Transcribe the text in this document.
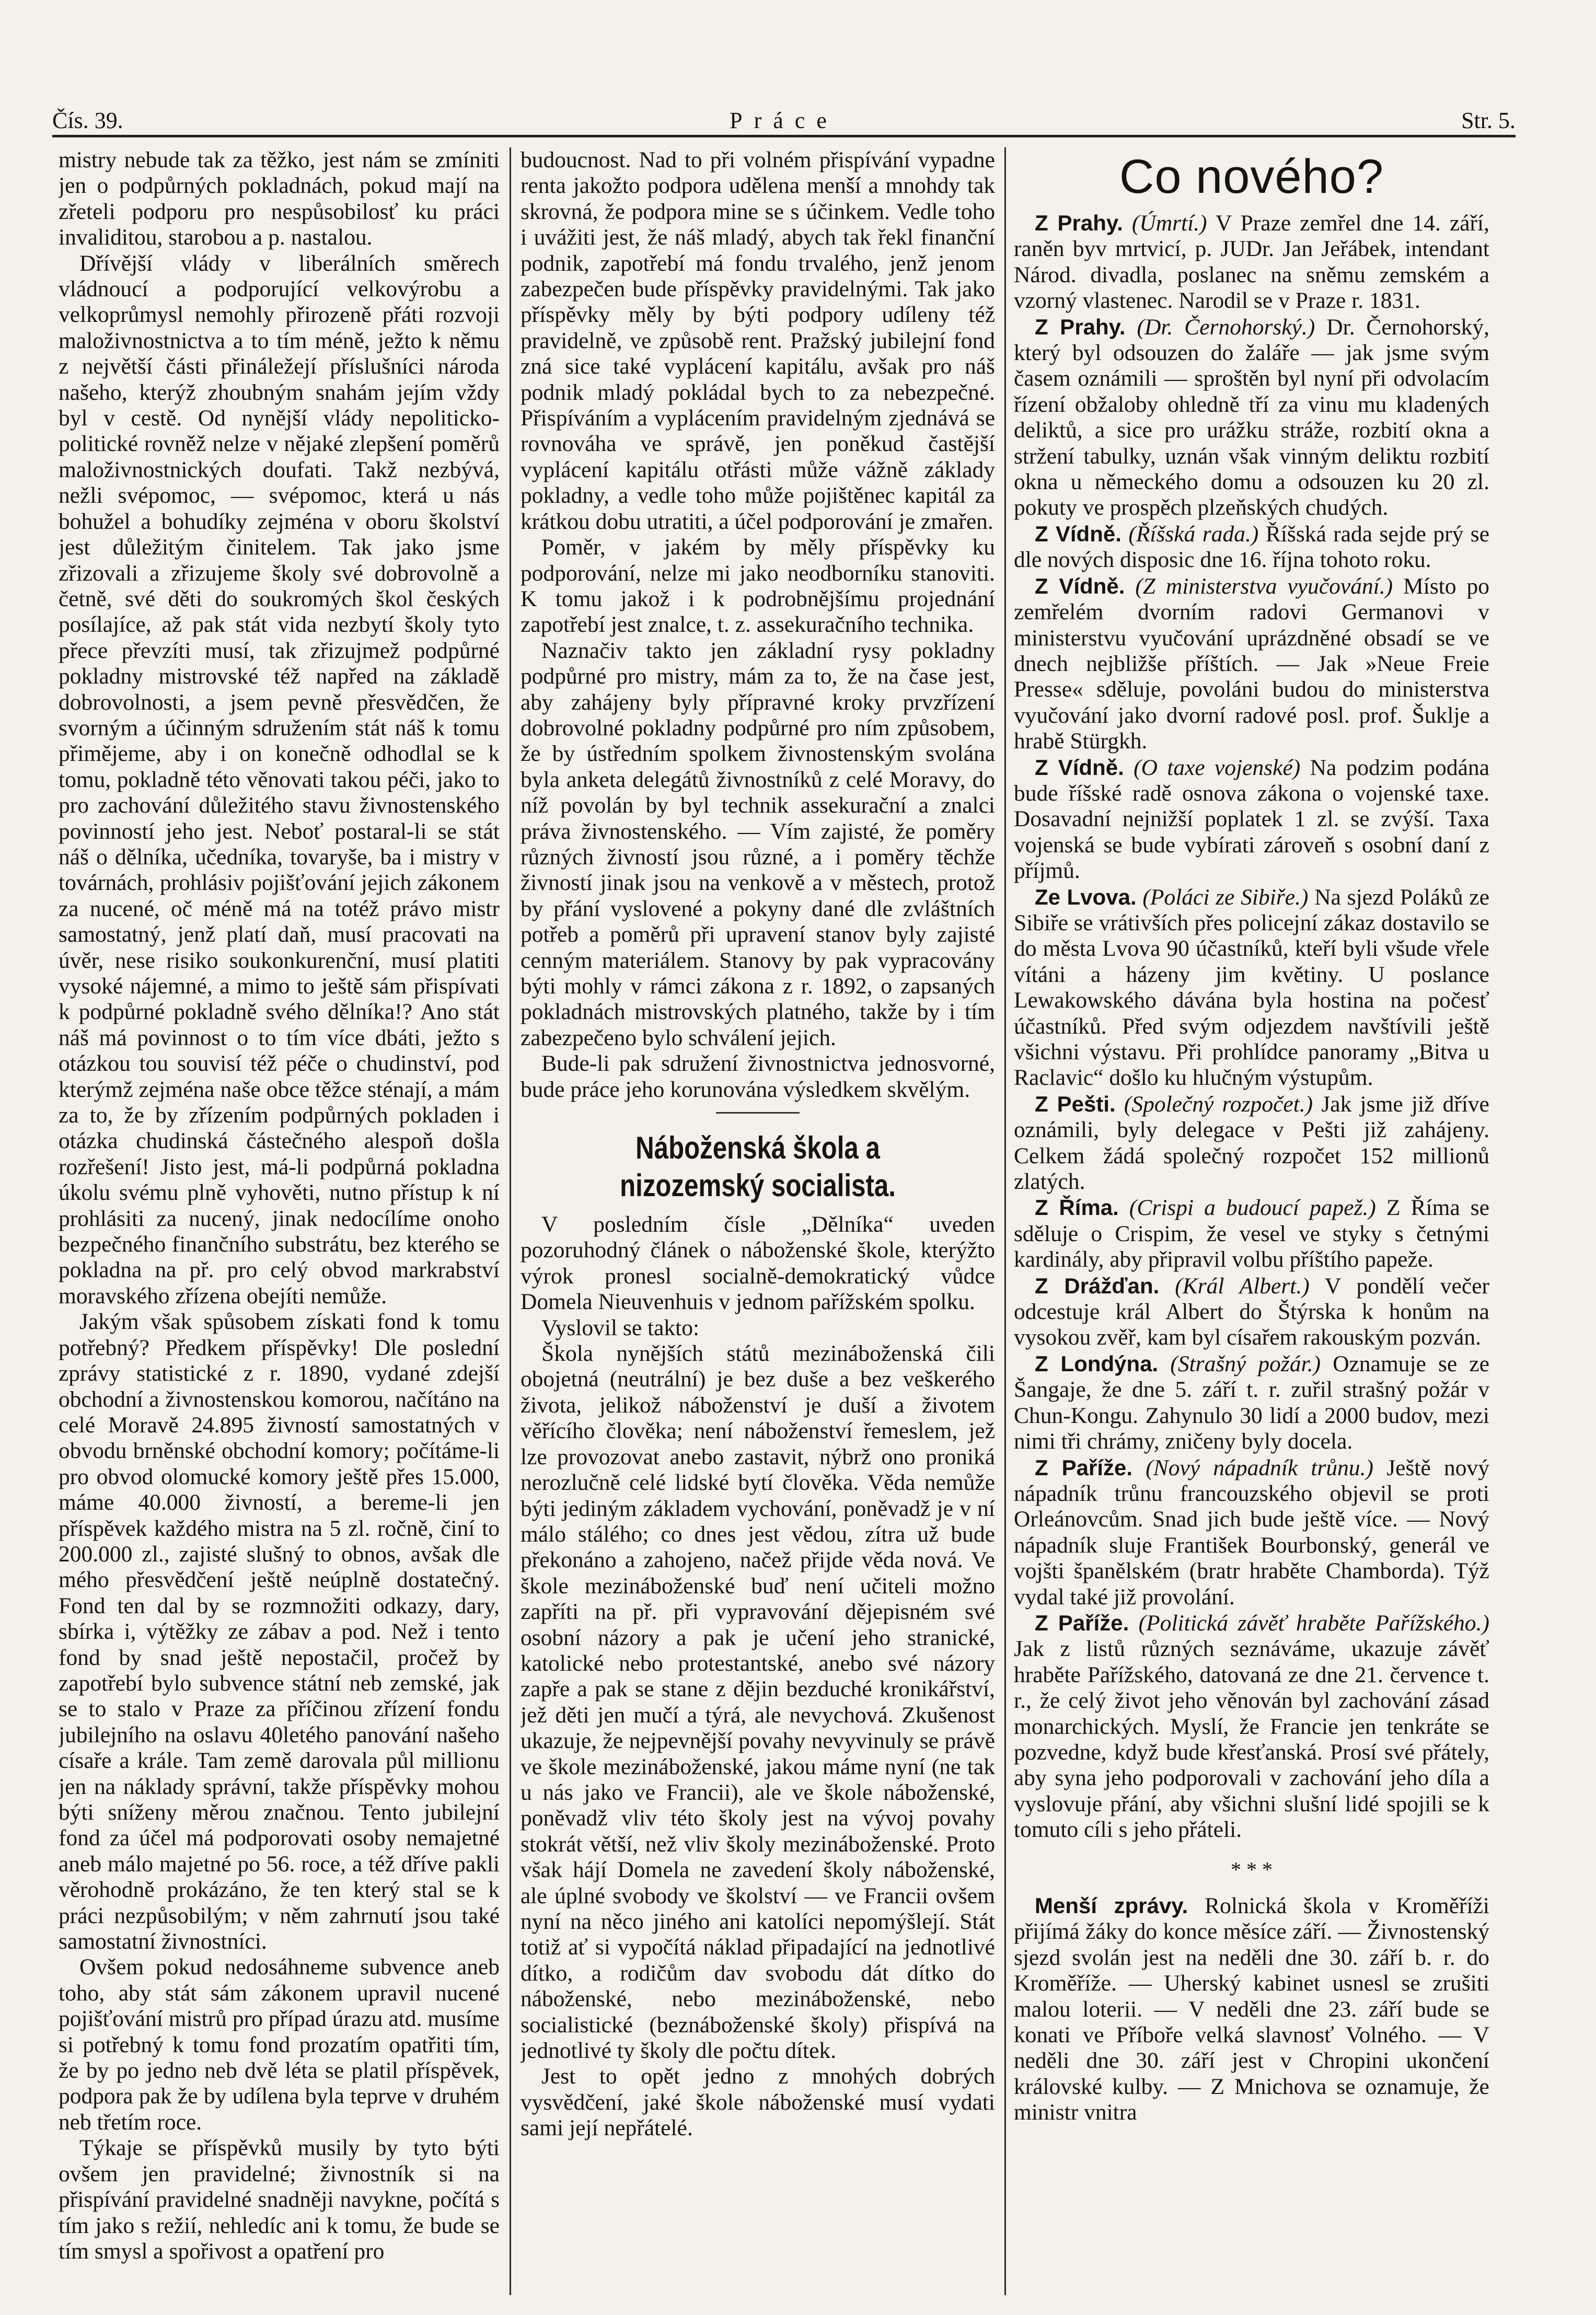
Čís. 39.	Práce	Str. 5.

mistry nebude tak za těžko, jest nám se zmíniti jen o podpůrných pokladnách, pokud mají na zřeteli podporu pro nespůsobilosť ku práci invaliditou, starobou a p. nastalou.

Dřívější vlády v liberálních směrech vládnoucí a podporující velkovýrobu a velkoprůmysl nemohly přirozeně přáti rozvoji maloživnostnictva a to tím méně, ježto k němu z největší části přináležejí příslušníci národa našeho, kterýž zhoubným snahám jejím vždy byl v cestě. Od nynější vlády nepoliticko-politické rovněž nelze v nějaké zlepšení poměrů maloživnostnických doufati. Takž nezbývá, nežli svépomoc, — svépomoc, která u nás bohužel a bohudíky zejména v oboru školství jest důležitým činitelem. Tak jako jsme zřizovali a zřizujeme školy své dobrovolně a četně, své děti do soukromých škol českých posílajíce, až pak stát vida nezbytí školy tyto přece převzíti musí, tak zřizujmež podpůrné pokladny mistrovské též napřed na základě dobrovolnosti, a jsem pevně přesvědčen, že svorným a účinným sdružením stát náš k tomu přimějeme, aby i on konečně odhodlal se k tomu, pokladně této věnovati takou péči, jako to pro zachování důležitého stavu živnostenského povinností jeho jest. Neboť postaral-li se stát náš o dělníka, učedníka, tovaryše, ba i mistry v továrnách, prohlásiv pojišťování jejich zákonem za nucené, oč méně má na totéž právo mistr samostatný, jenž platí daň, musí pracovati na úvěr, nese risiko soukonkurenční, musí platiti vysoké nájemné, a mimo to ještě sám přispívati k podpůrné pokladně svého dělníka!? Ano stát náš má povinnost o to tím více dbáti, ježto s otázkou tou souvisí též péče o chudinství, pod kterýmž zejména naše obce těžce sténají, a mám za to, že by zřízením podpůrných pokladen i otázka chudinská částečného alespoň došla rozřešení! Jisto jest, má-li podpůrná pokladna úkolu svému plně vyhověti, nutno přístup k ní prohlásiti za nucený, jinak nedocílíme onoho bezpečného finančního substrátu, bez kterého se pokladna na př. pro celý obvod markrabství moravského zřízena obejíti nemůže.

Jakým však spůsobem získati fond k tomu potřebný? Předkem příspěvky! Dle poslední zprávy statistické z r. 1890, vydané zdejší obchodní a živnostenskou komorou, načítáno na celé Moravě 24.895 živností samostatných v obvodu brněnské obchodní komory; počítáme-li pro obvod olomucké komory ještě přes 15.000, máme 40.000 živností, a bereme-li jen příspěvek každého mistra na 5 zl. ročně, činí to 200.000 zl., zajisté slušný to obnos, avšak dle mého přesvědčení ještě neúplně dostatečný. Fond ten dal by se rozmnožiti odkazy, dary, sbírka i, výtěžky ze zábav a pod. Než i tento fond by snad ještě nepostačil, pročež by zapotřebí bylo subvence státní neb zemské, jak se to stalo v Praze za příčinou zřízení fondu jubilejního na oslavu 40letého panování našeho císaře a krále. Tam země darovala půl millionu jen na náklady správní, takže příspěvky mohou býti sníženy měrou značnou. Tento jubilejní fond za účel má podporovati osoby nemajetné aneb málo majetné po 56. roce, a též dříve pakli věrohodně prokázáno, že ten který stal se k práci nezpůsobilým; v něm zahrnutí jsou také samostatní živnostníci.

Ovšem pokud nedosáhneme subvence aneb toho, aby stát sám zákonem upravil nucené pojišťování mistrů pro případ úrazu atd. musíme si potřebný k tomu fond prozatím opatřiti tím, že by po jedno neb dvě léta se platil příspěvek, podpora pak že by udílena byla teprve v druhém neb třetím roce.

Týkaje se příspěvků musily by tyto býti ovšem jen pravidelné; živnostník si na přispívání pravidelné snadněji navykne, počítá s tím jako s režií, nehledíc ani k tomu, že bude se tím smysl a spořivost a opatření pro

budoucnost. Nad to při volném přispívání vypadne renta jakožto podpora udělena menší a mnohdy tak skrovná, že podpora mine se s účinkem. Vedle toho i uvážiti jest, že náš mladý, abych tak řekl finanční podnik, zapotřebí má fondu trvalého, jenž jenom zabezpečen bude příspěvky pravidelnými. Tak jako příspěvky měly by býti podpory udíleny též pravidelně, ve způsobě rent. Pražský jubilejní fond zná sice také vyplácení kapitálu, avšak pro náš podnik mladý pokládal bych to za nebezpečné. Přispíváním a vyplácením pravidelným zjednává se rovnováha ve správě, jen poněkud častější vyplácení kapitálu otřásti může vážně základy pokladny, a vedle toho může pojištěnec kapitál za krátkou dobu utratiti, a účel podporování je zmařen.

Poměr, v jakém by měly příspěvky ku podporování, nelze mi jako neodborníku stanoviti. K tomu jakož i k podrobnějšímu projednání zapotřebí jest znalce, t. z. assekuračního technika.

Naznačiv takto jen základní rysy pokladny podpůrné pro mistry, mám za to, že na čase jest, aby zahájeny byly přípravné kroky prvzřízení dobrovolné pokladny podpůrné pro ním způsobem, že by ústředním spolkem živnostenským svolána byla anketa delegátů živnostníků z celé Moravy, do níž povolán by byl technik assekurační a znalci práva živnostenského. — Vím zajisté, že poměry různých živností jsou různé, a i poměry těchže živností jinak jsou na venkově a v městech, protož by přání vyslovené a pokyny dané dle zvláštních potřeb a poměrů při upravení stanov byly zajisté cenným materiálem. Stanovy by pak vypracovány býti mohly v rámci zákona z r. 1892, o zapsaných pokladnách mistrovských platného, takže by i tím zabezpečeno bylo schválení jejich.

Bude-li pak sdružení živnostnictva jednosvorné, bude práce jeho korunována výsledkem skvělým.

Náboženská škola a nizozemský socialista.

V posledním čísle „Dělníka“ uveden pozoruhodný článek o náboženské škole, kterýžto výrok pronesl socialně-demokratický vůdce Domela Nieuvenhuis v jednom pařížském spolku.

Vyslovil se takto:

Škola nynějších států mezináboženská čili obojetná (neutrální) je bez duše a bez veškerého života, jelikož náboženství je duší a životem věřícího člověka; není náboženství řemeslem, jež lze provozovat anebo zastavit, nýbrž ono proniká nerozlučně celé lidské bytí člověka. Věda nemůže býti jediným základem vychování, poněvadž je v ní málo stálého; co dnes jest vědou, zítra už bude překonáno a zahojeno, načež přijde věda nová. Ve škole mezináboženské buď není učiteli možno zapříti na př. při vypravování dějepisném své osobní názory a pak je učení jeho stranické, katolické nebo protestantské, anebo své názory zapře a pak se stane z dějin bezduché kronikářství, jež děti jen mučí a týrá, ale nevychová. Zkušenost ukazuje, že nejpevnější povahy nevyvinuly se právě ve škole mezináboženské, jakou máme nyní (ne tak u nás jako ve Francii), ale ve škole náboženské, poněvadž vliv této školy jest na vývoj povahy stokrát větší, než vliv školy mezináboženské. Proto však hájí Domela ne zavedení školy náboženské, ale úplné svobody ve školství — ve Francii ovšem nyní na něco jiného ani katolíci nepomýšlejí. Stát totiž ať si vypočítá náklad připadající na jednotlivé dítko, a rodičům dav svobodu dát dítko do náboženské, nebo mezináboženské, nebo socialistické (beznáboženské školy) přispívá na jednotlivé ty školy dle počtu dítek.

Jest to opět jedno z mnohých dobrých vysvědčení, jaké škole náboženské musí vydati sami její nepřátelé.

Co nového?

Z Prahy. (Úmrtí.) V Praze zemřel dne 14. září, raněn byv mrtvicí, p. JUDr. Jan Jeřábek, intendant Národ. divadla, poslanec na sněmu zemském a vzorný vlastenec. Narodil se v Praze r. 1831.

Z Prahy. (Dr. Černohorský.) Dr. Černohorský, který byl odsouzen do žaláře — jak jsme svým časem oznámili — sproštěn byl nyní při odvolacím řízení obžaloby ohledně tří za vinu mu kladených deliktů, a sice pro urážku stráže, rozbití okna a stržení tabulky, uznán však vinným deliktu rozbití okna u německého domu a odsouzen ku 20 zl. pokuty ve prospěch plzeňských chudých.

Z Vídně. (Říšská rada.) Říšská rada sejde prý se dle nových disposic dne 16. října tohoto roku.

Z Vídně. (Z ministerstva vyučování.) Místo po zemřelém dvorním radovi Germanovi v ministerstvu vyučování uprázdněné obsadí se ve dnech nejbližše příštích. — Jak »Neue Freie Presse« sděluje, povoláni budou do ministerstva vyučování jako dvorní radové posl. prof. Šuklje a hrabě Stürgkh.

Z Vídně. (O taxe vojenské) Na podzim podána bude říšské radě osnova zákona o vojenské taxe. Dosavadní nejnižší poplatek 1 zl. se zvýší. Taxa vojenská se bude vybírati zároveň s osobní daní z příjmů.

Ze Lvova. (Poláci ze Sibiře.) Na sjezd Poláků ze Sibiře se vrátivších přes policejní zákaz dostavilo se do města Lvova 90 účastníků, kteří byli všude vřele vítáni a házeny jim květiny. U poslance Lewakowského dávána byla hostina na počesť účastníků. Před svým odjezdem navštívili ještě všichni výstavu. Při prohlídce panoramy „Bitva u Raclavic“ došlo ku hlučným výstupům.

Z Pešti. (Společný rozpočet.) Jak jsme již dříve oznámili, byly delegace v Pešti již zahájeny. Celkem žádá společný rozpočet 152 millionů zlatých.

Z Říma. (Crispi a budoucí papež.) Z Říma se sděluje o Crispim, že vesel ve styky s četnými kardinály, aby připravil volbu příštího papeže.

Z Drážďan. (Král Albert.) V pondělí večer odcestuje král Albert do Štýrska k honům na vysokou zvěř, kam byl císařem rakouským pozván.

Z Londýna. (Strašný požár.) Oznamuje se ze Šangaje, že dne 5. září t. r. zuřil strašný požár v Chun-Kongu. Zahynulo 30 lidí a 2000 budov, mezi nimi tři chrámy, zničeny byly docela.

Z Paříže. (Nový nápadník trůnu.) Ještě nový nápadník trůnu francouzského objevil se proti Orleánovcům. Snad jich bude ještě více. — Nový nápadník sluje František Bourbonský, generál ve vojšti španělském (bratr hraběte Chamborda). Týž vydal také již provolání.

Z Paříže. (Politická závěť hraběte Pařížského.) Jak z listů různých seznáváme, ukazuje závěť hraběte Pařížského, datovaná ze dne 21. července t. r., že celý život jeho věnován byl zachování zásad monarchických. Myslí, že Francie jen tenkráte se pozvedne, když bude křesťanská. Prosí své přátely, aby syna jeho podporovali v zachování jeho díla a vyslovuje přání, aby všichni slušní lidé spojili se k tomuto cíli s jeho přáteli.

* * *

Menší zprávy. Rolnická škola v Kroměříži přijímá žáky do konce měsíce září. — Živnostenský sjezd svolán jest na neděli dne 30. září b. r. do Kroměříže. — Uherský kabinet usnesl se zrušiti malou loterii. — V neděli dne 23. září bude se konati ve Příboře velká slavnosť Volného. — V neděli dne 30. září jest v Chropini ukončení královské kulby. — Z Mnichova se oznamuje, že ministr vnitra
